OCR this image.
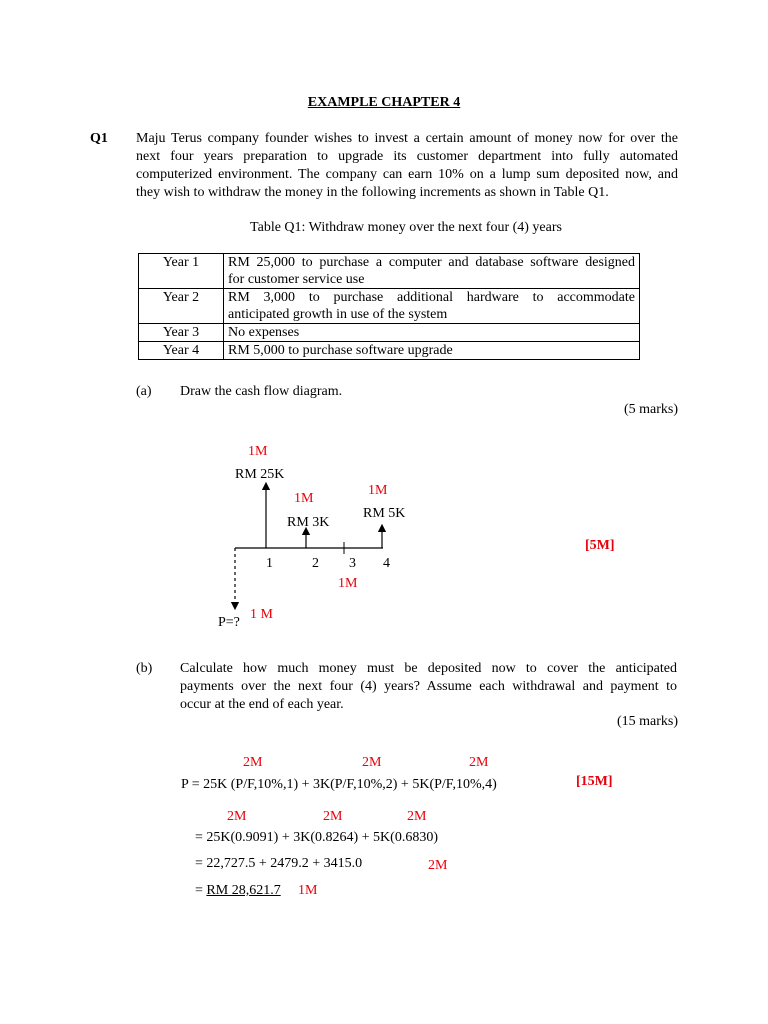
EXAMPLE CHAPTER 4
Q1 Maju Terus company founder wishes to invest a certain amount of money now for over the
next four years preparation to upgrade its customer department into fully automated
computerized environment. The company can earn 10% on a lump sum deposited now, and
they wish to withdraw the money in the following increments as shown in Table Q1.
Table Q1: Withdraw money over the next four (4) years
Year 1	RM 25,000 to purchase a computer and database software designed
for customer service use

Year 2	RM 3,000 to purchase additional hardware to accommodate
anticipated growth in use of the system

Year 3	No expenses

Year 4	RM 5,000 to purchase software upgrade
(a) Draw the cash flow diagram.
(5 marks)
1M
RM 25K
1M
1M
RM 5K
RM 3K
1	2 3 4
1M
[5M]
1 M
P=?
(b) Calculate how much money must be deposited now to cover the anticipated
payments over the next four (4) years? Assume each withdrawal and payment to
occur at the end of each year.
(15 marks)
2M	2M	2M
P = 25K (P/F,10%,1) + 3K(P/F,10%,2) + 5K(P/F,10%,4)	[15M]
2M	2M	2M
= 25K(0.9091) + 3K(0.8264) + 5K(0.6830)
= 22,727.5 + 2479.2 + 3415.0	2M
= RM 28,621.7 1M
